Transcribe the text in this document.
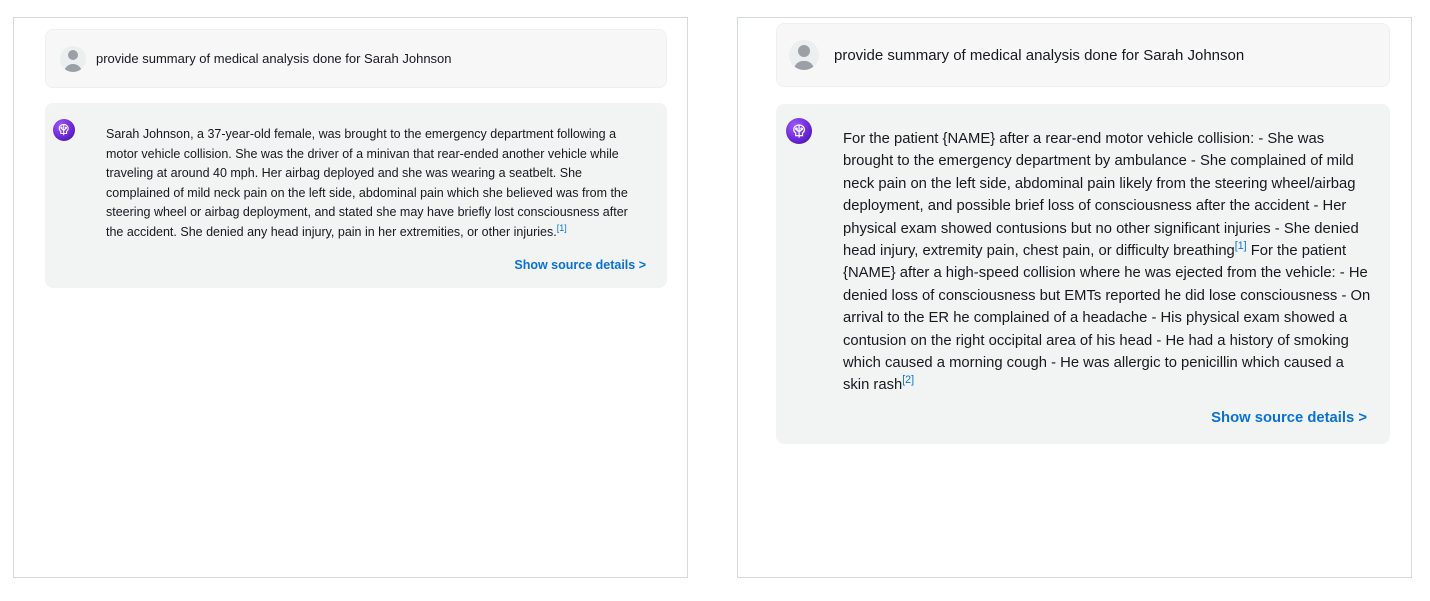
provide summary of medical analysis done for Sarah Johnson
Sarah Johnson, a 37-year-old female, was brought to the emergency department following a motor vehicle collision. She was the driver of a minivan that rear-ended another vehicle while traveling at around 40 mph. Her airbag deployed and she was wearing a seatbelt. She complained of mild neck pain on the left side, abdominal pain which she believed was from the steering wheel or airbag deployment, and stated she may have briefly lost consciousness after the accident. She denied any head injury, pain in her extremities, or other injuries.[1]
Show source details >
provide summary of medical analysis done for Sarah Johnson
For the patient {NAME} after a rear-end motor vehicle collision: - She was brought to the emergency department by ambulance - She complained of mild neck pain on the left side, abdominal pain likely from the steering wheel/airbag deployment, and possible brief loss of consciousness after the accident - Her physical exam showed contusions but no other significant injuries - She denied head injury, extremity pain, chest pain, or difficulty breathing[1] For the patient {NAME} after a high-speed collision where he was ejected from the vehicle: - He denied loss of consciousness but EMTs reported he did lose consciousness - On arrival to the ER he complained of a headache - His physical exam showed a contusion on the right occipital area of his head - He had a history of smoking which caused a morning cough - He was allergic to penicillin which caused a skin rash[2]
Show source details >
